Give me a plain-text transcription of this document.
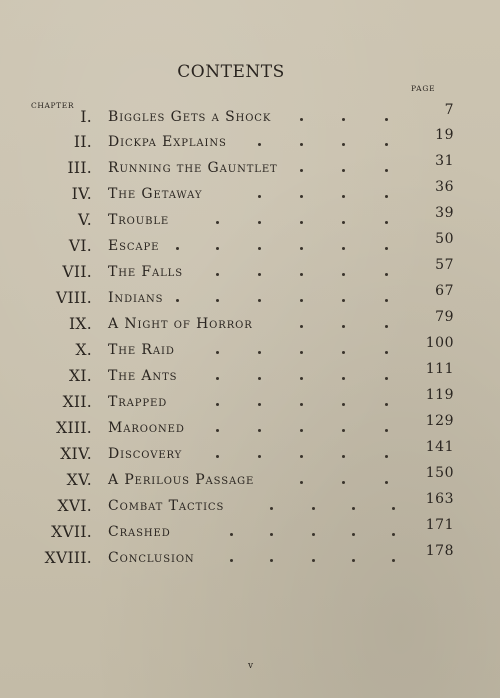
CONTENTS
PAGE
CHAPTER
I. Biggles Gets a Shock	7
II. Dickpa Explains	19
III. Running the Gauntlet	31
IV. The Getaway	36
V. Trouble	39
VI. Escape	50
VII. The Falls	57
VIII. Indians	67
IX. A Night of Horror	79
X. The Raid	100
XI. The Ants	111
XII. Trapped	119
XIII. Marooned	129
XIV. Discovery	141
XV. A Perilous Passage	150
XVI. Combat Tactics	163
XVII. Crashed	171
XVIII. Conclusion	178
v
